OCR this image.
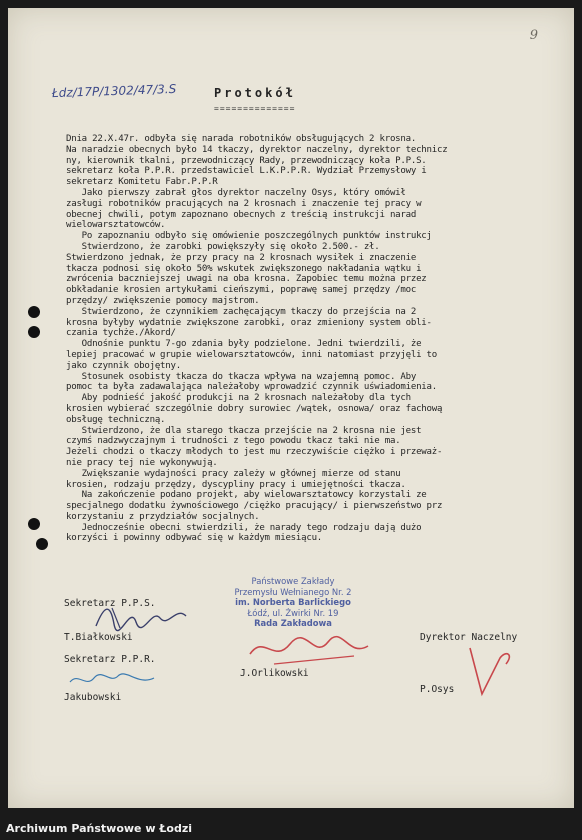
9
Łdz/17P/1302/47/3.S	Protokół
==============
Dnia 22.X.47r. odbyła się narada robotników obsługujących 2 krosna.
Na naradzie obecnych było 14 tkaczy, dyrektor naczelny, dyrektor technicz
ny, kierownik tkalni, przewodniczący Rady, przewodniczący koła P.P.S.
sekretarz koła P.P.R. przedstawiciel L.K.P.P.R. Wydział Przemysłowy i
sekretarz Komitetu Fabr.P.P.R
Jako pierwszy zabrał głos dyrektor naczelny Osys, który omówił
zasługi robotników pracujących na 2 krosnach i znaczenie tej pracy w
obecnej chwili, potym zapoznano obecnych z treścią instrukcji narad
wielowarsztatowców.
Po zapoznaniu odbyło się omówienie poszczególnych punktów instrukcj
Stwierdzono, że zarobki powiększyły się około 2.500.- zł.
Stwierdzono jednak, że przy pracy na 2 krosnach wysiłek i znaczenie
tkacza podnosi się około 50% wskutek zwiększonego nakładania wątku i
zwrócenia baczniejszej uwagi na oba krosna. Zapobiec temu można przez
obkładanie krosien artykułami cieńszymi, poprawę samej przędzy /moc
przędzy/ zwiększenie pomocy majstrom.
Stwierdzono, że czynnikiem zachęcającym tkaczy do przejścia na 2
krosna byłyby wydatnie zwiększone zarobki, oraz zmieniony system obli-
czania tychże./Akord/
Odnośnie punktu 7-go zdania były podzielone. Jedni twierdzili, że
lepiej pracować w grupie wielowarsztatowców, inni natomiast przyjęli to
jako czynnik obojętny.
Stosunek osobisty tkacza do tkacza wpływa na wzajemną pomoc. Aby
pomoc ta była zadawalająca należałoby wprowadzić czynnik uświadomienia.
Aby podnieść jakość produkcji na 2 krosnach należałoby dla tych
krosien wybierać szczególnie dobry surowiec /wątek, osnowa/ oraz fachową
obsługę techniczną.
Stwierdzono, że dla starego tkacza przejście na 2 krosna nie jest
czymś nadzwyczajnym i trudności z tego powodu tkacz taki nie ma.
Jeżeli chodzi o tkaczy młodych to jest mu rzeczywiście ciężko i przeważ-
nie pracy tej nie wykonywują.
Zwiększanie wydajności pracy zależy w głównej mierze od stanu
krosien, rodzaju przędzy, dyscypliny pracy i umiejętności tkacza.
Na zakończenie podano projekt, aby wielowarsztatowcy korzystali ze
specjalnego dodatku żywnościowego /ciężko pracujący/ i pierwszeństwo prz
korzystaniu z przydziałów socjalnych.
Jednocześnie obecni stwierdzili, że narady tego rodzaju dają dużo
korzyści i powinny odbywać się w każdym miesiącu.
Państwowe Zakłady
Przemysłu Wełnianego Nr. 2
im. Norberta Barlickiego
Łódź, ul. Żwirki Nr. 19
Rada Zakładowa
Sekretarz P.P.S.
T.Białkowski
Sekretarz P.P.R.
Jakubowski
J.Orlikowski
Dyrektor Naczelny
P.Osys
Archiwum Państwowe w Łodzi
